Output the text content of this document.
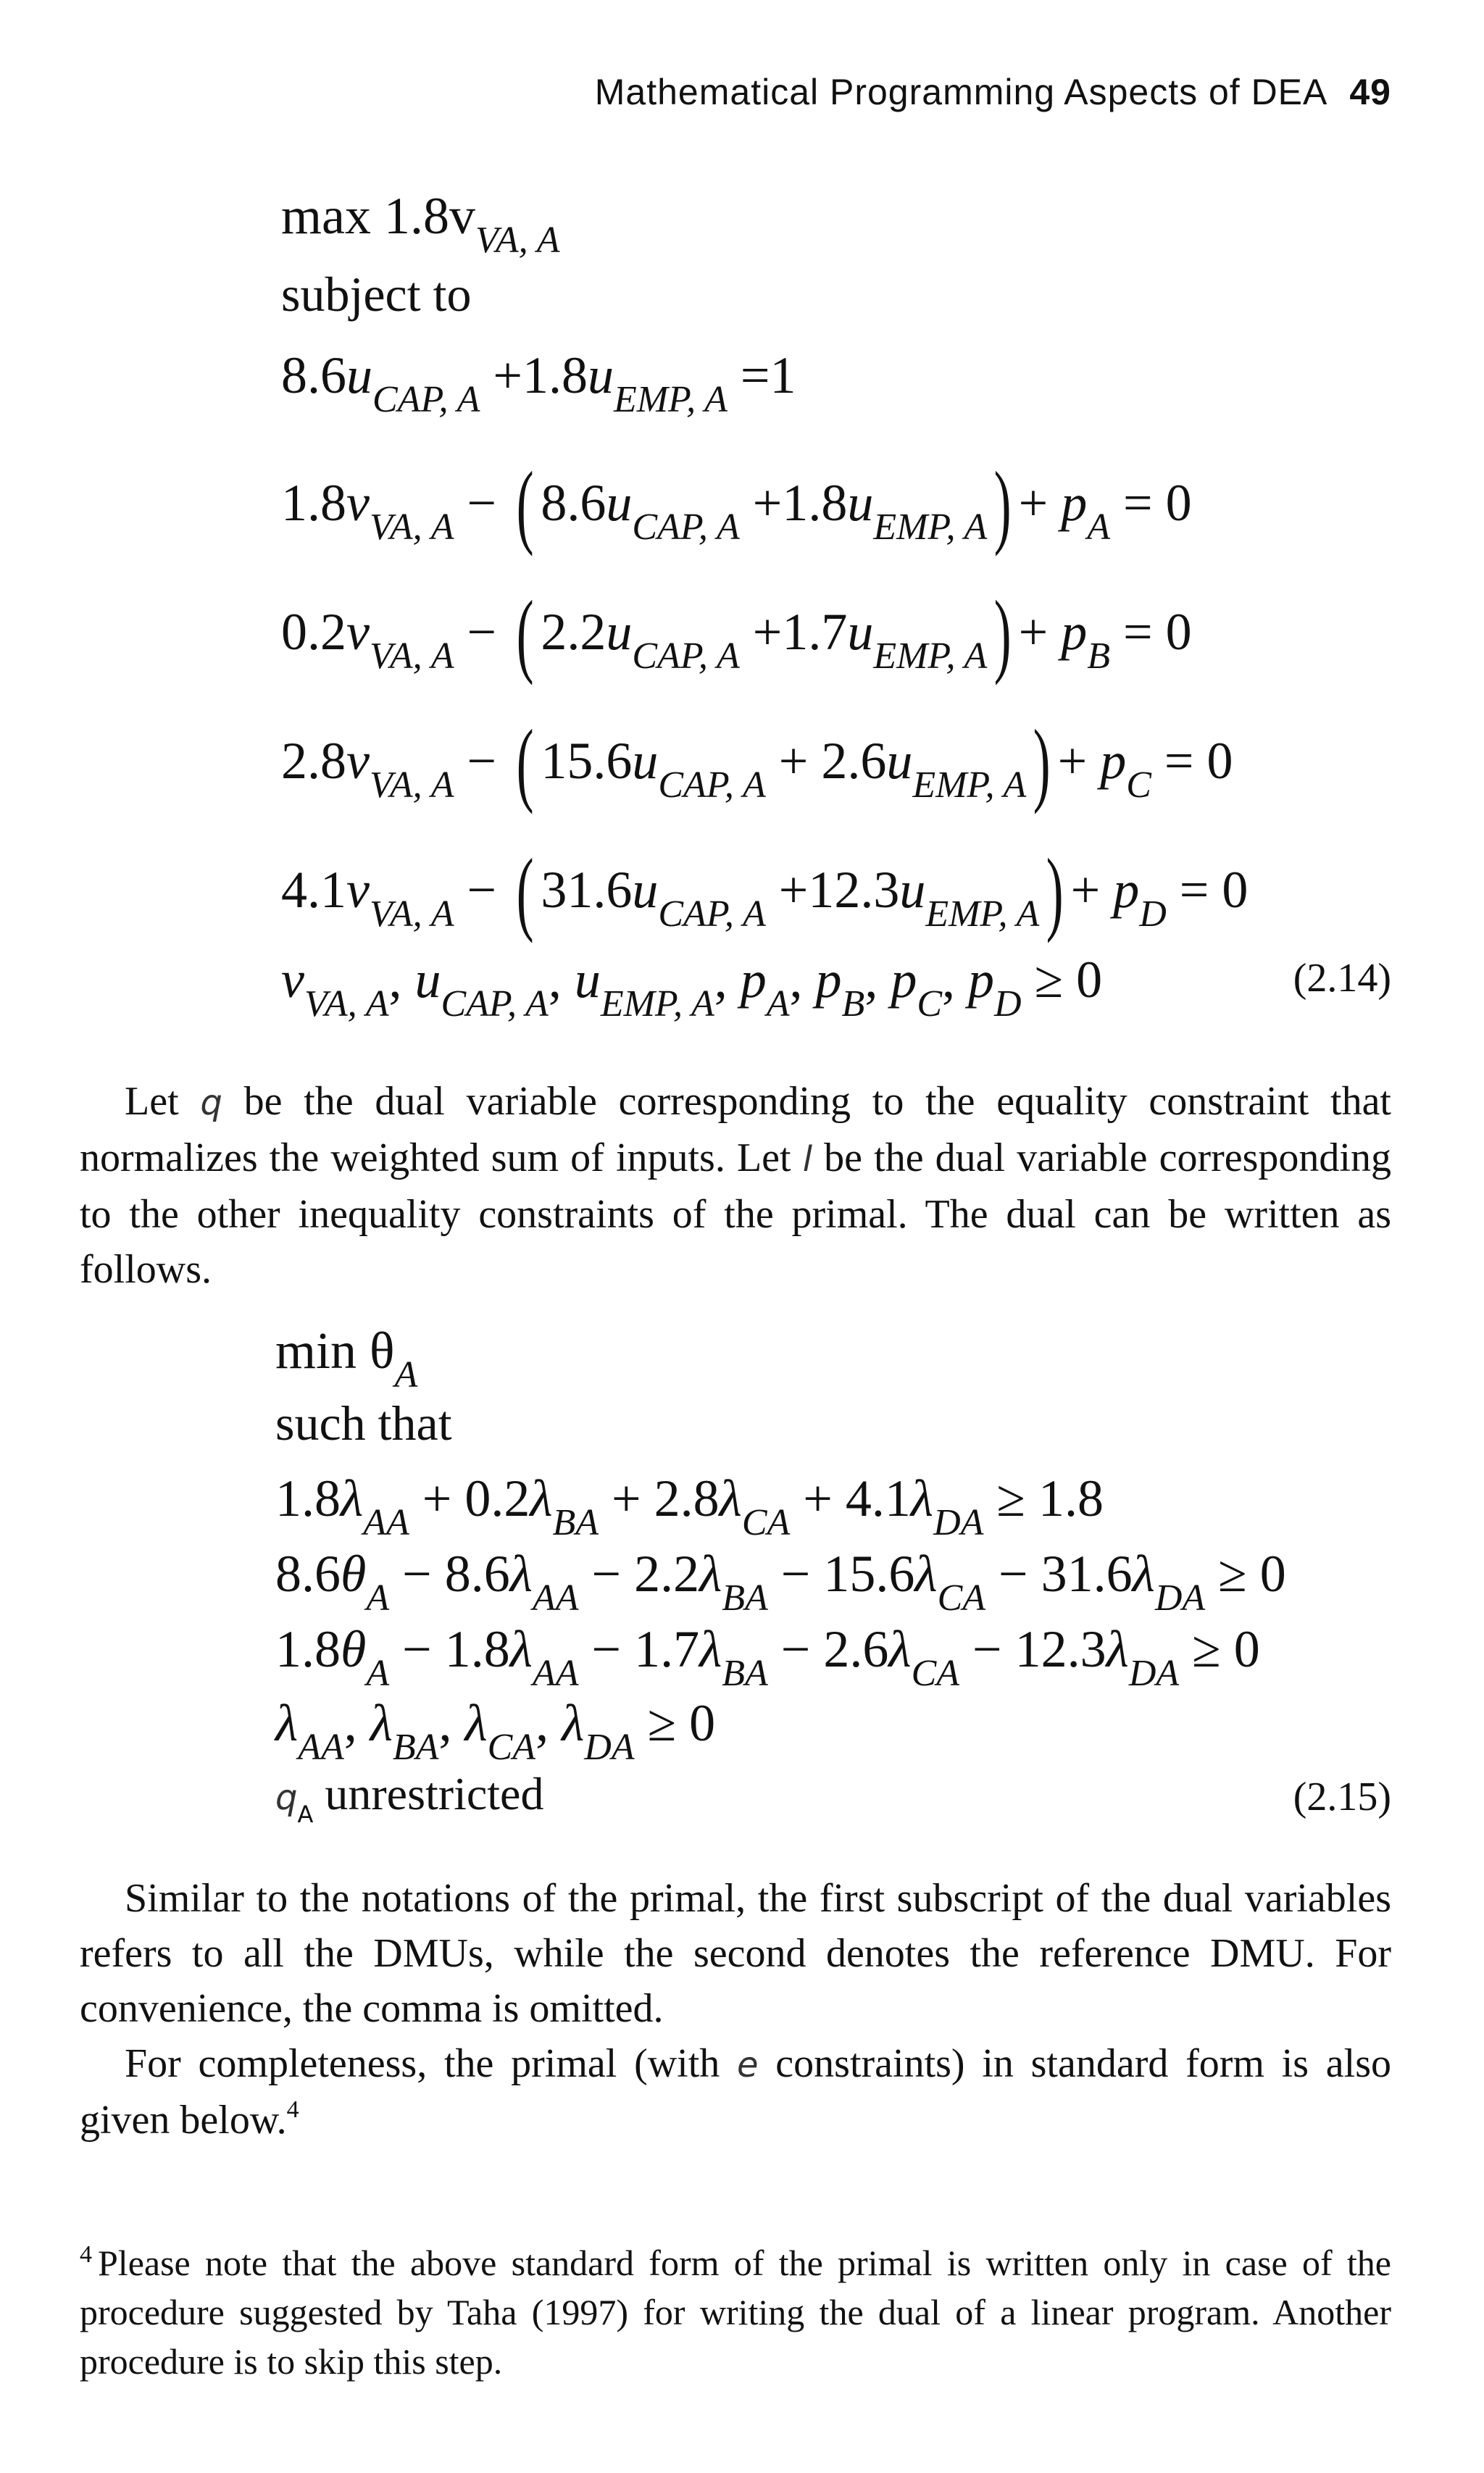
Mathematical Programming Aspects of DEA 49
$\max 1.8v_{VA, A}$
subject to
$8.6u_{CAP, A} +1.8u_{EMP, A} =1$
$1.8v_{VA, A}$ − ( $8.6u_{CAP, A} +1.8u_{EMP, A}) + p_A = 0$
$0.2v_{VA, A}$ − ( $2.2u_{CAP, A} +1.7u_{EMP, A}) + p_B = 0$
$2.8v_{VA, A}$ − ( $15.6u_{CAP, A} + 2.6u_{EMP, A}) + p_C = 0$
$4.1v_{VA, A}$ − ( $31.6u_{CAP, A} +12.3u_{EMP, A}) + p_D = 0$
$v_{VA, A}$, $u_{CAP, A}$, $u_{EMP, A}$, $p_A$, $p_B$, $p_C$, $p_D \ge 0$	(2.14)

Let q be the dual variable corresponding to the equality constraint that normalizes the weighted sum of inputs. Let l be the dual variable corresponding to the other inequality constraints of the primal. The dual can be written as follows.

$\min \theta_A$
such that
$1.8\lambda_{AA} + 0.2\lambda_{BA} + 2.8\lambda_{CA} + 4.1\lambda_{DA} \ge 1.8$
$8.6\theta_A - 8.6\lambda_{AA} - 2.2\lambda_{BA} - 15.6\lambda_{CA} - 31.6\lambda_{DA} \ge 0$
$1.8\theta_A - 1.8\lambda_{AA} - 1.7\lambda_{BA} - 2.6\lambda_{CA} - 12.3\lambda_{DA} \ge 0$
$\lambda_{AA}$, $\lambda_{BA}$, $\lambda_{CA}$, $\lambda_{DA} \ge 0$
$q_A$ unrestricted	(2.15)

Similar to the notations of the primal, the first subscript of the dual variables refers to all the DMUs, while the second denotes the reference DMU. For convenience, the comma is omitted.

For completeness, the primal (with e constraints) in standard form is also given below.$^4$

$^4$ Please note that the above standard form of the primal is written only in case of the procedure suggested by Taha (1997) for writing the dual of a linear program. Another procedure is to skip this step.
